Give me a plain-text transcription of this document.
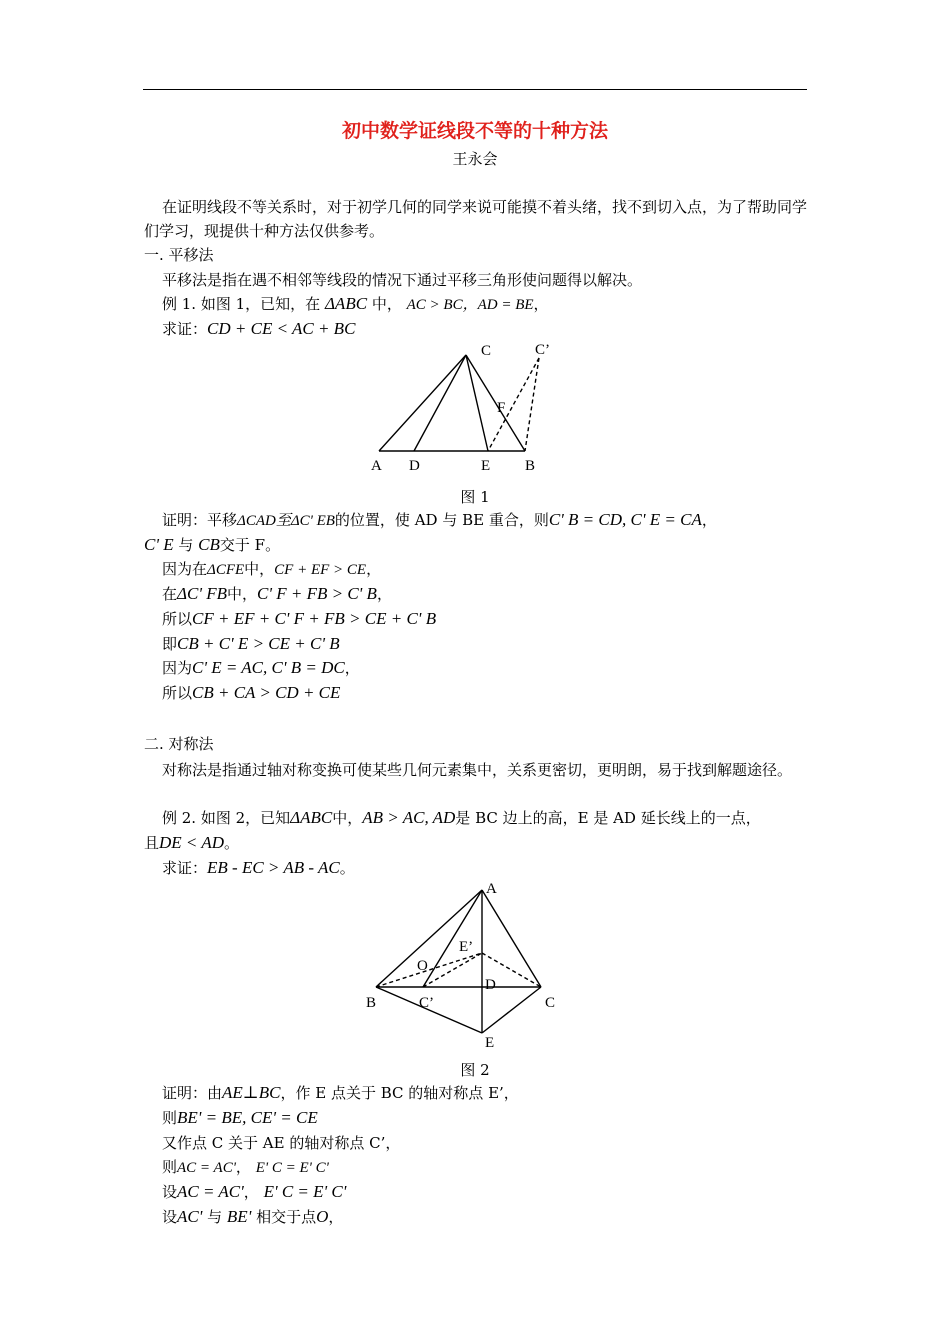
初中数学证线段不等的十种方法
王永会
在证明线段不等关系时，对于初学几何的同学来说可能摸不着头绪，找不到切入点，为了帮助同学们学习，现提供十种方法仅供参考。
一. 平移法
平移法是指在遇不相邻等线段的情况下通过平移三角形使问题得以解决。
例 1. 如图 1，已知，在 ΔABC 中， AC > BC，AD = BE，
求证：CD + CE < AC + BC
C	C’
F
A D	E B
A
E’
O
D
B	C’	C
E
图 1
证明：平移ΔCAD至ΔC' EB的位置，使 AD 与 BE 重合，则C' B = CD, C' E = CA，
C' E 与 CB交于 F。
因为在ΔCFE中，CF + EF > CE，
在ΔC' FB中，C' F + FB > C' B，
所以CF + EF + C' F + FB > CE + C' B
即CB + C' E > CE + C' B
因为C' E = AC, C' B = DC，
所以CB + CA > CD + CE
二. 对称法
对称法是指通过轴对称变换可使某些几何元素集中，关系更密切，更明朗，易于找到解题途径。
例 2. 如图 2，已知ΔABC中，AB > AC, AD是 BC 边上的高，E 是 AD 延长线上的一点，
且DE < AD。
求证：EB - EC > AB - AC。
图 2
证明：由AE⊥BC，作 E 点关于 BC 的轴对称点 E’，
则BE' = BE, CE' = CE
又作点 C 关于 AE 的轴对称点 C’，
则AC = AC'， E' C = E' C'
设AC = AC'， E' C = E' C'
设AC' 与 BE' 相交于点O，
